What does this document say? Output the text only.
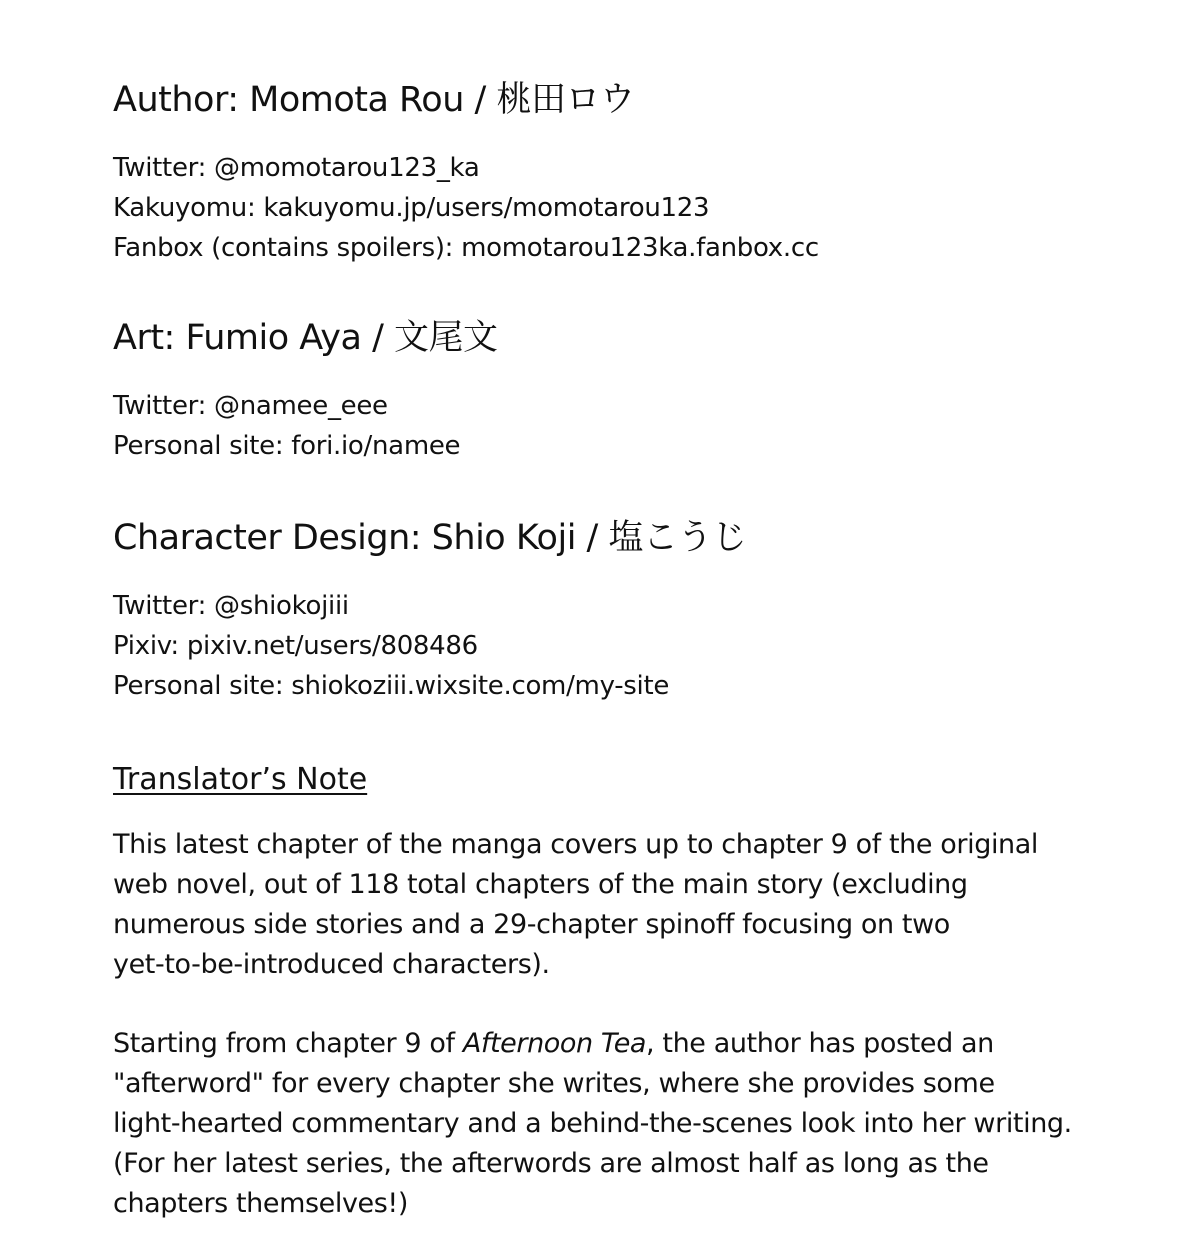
Author: Momota Rou / 桃田ロウ
Twitter: @momotarou123_ka
Kakuyomu: kakuyomu.jp/users/momotarou123
Fanbox (contains spoilers): momotarou123ka.fanbox.cc
Art: Fumio Aya / 文尾文
Twitter: @namee_eee
Personal site: fori.io/namee
Character Design: Shio Koji / 塩こうじ
Twitter: @shiokojiii
Pixiv: pixiv.net/users/808486
Personal site: shiokoziii.wixsite.com/my-site
Translator’s Note
This latest chapter of the manga covers up to chapter 9 of the original
web novel, out of 118 total chapters of the main story (excluding
numerous side stories and a 29-chapter spinoff focusing on two
yet-to-be-introduced characters).
Starting from chapter 9 of Afternoon Tea, the author has posted an
"afterword" for every chapter she writes, where she provides some
light-hearted commentary and a behind-the-scenes look into her writing.
(For her latest series, the afterwords are almost half as long as the
chapters themselves!)
